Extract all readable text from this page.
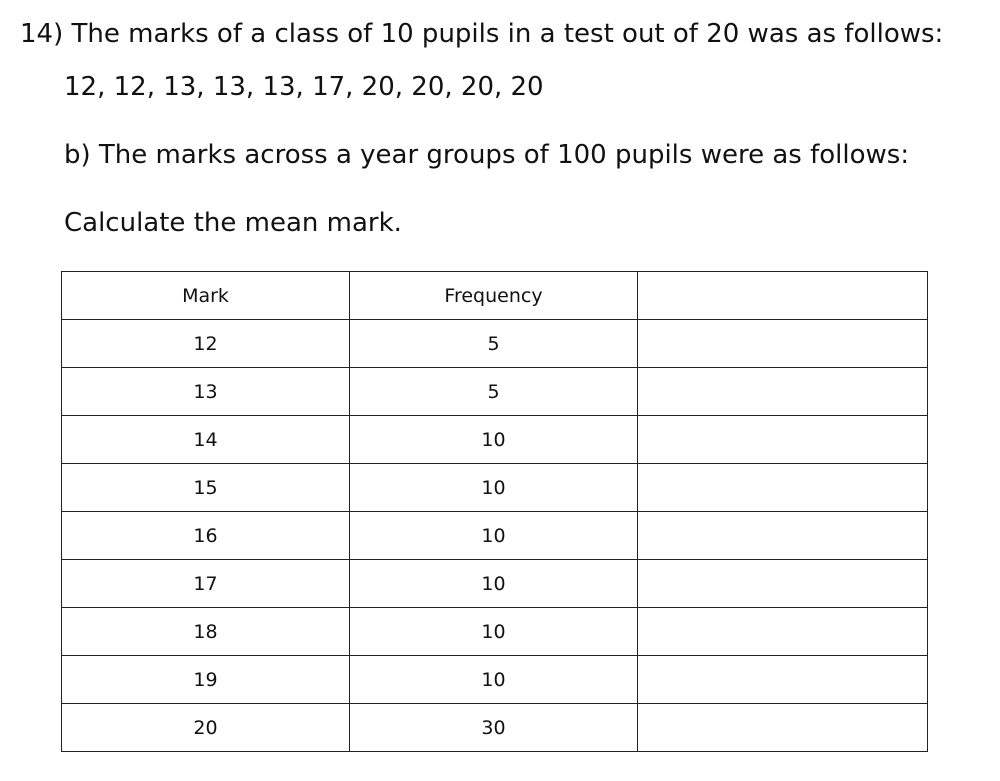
14) The marks of a class of 10 pupils in a test out of 20 was as follows:
12, 12, 13, 13, 13, 17, 20, 20, 20, 20
b) The marks across a year groups of 100 pupils were as follows:
Calculate the mean mark.
Mark	Frequency	
12	5	
13	5	
14	10	
15	10	
16	10	
17	10	
18	10	
19	10	
20	30	
